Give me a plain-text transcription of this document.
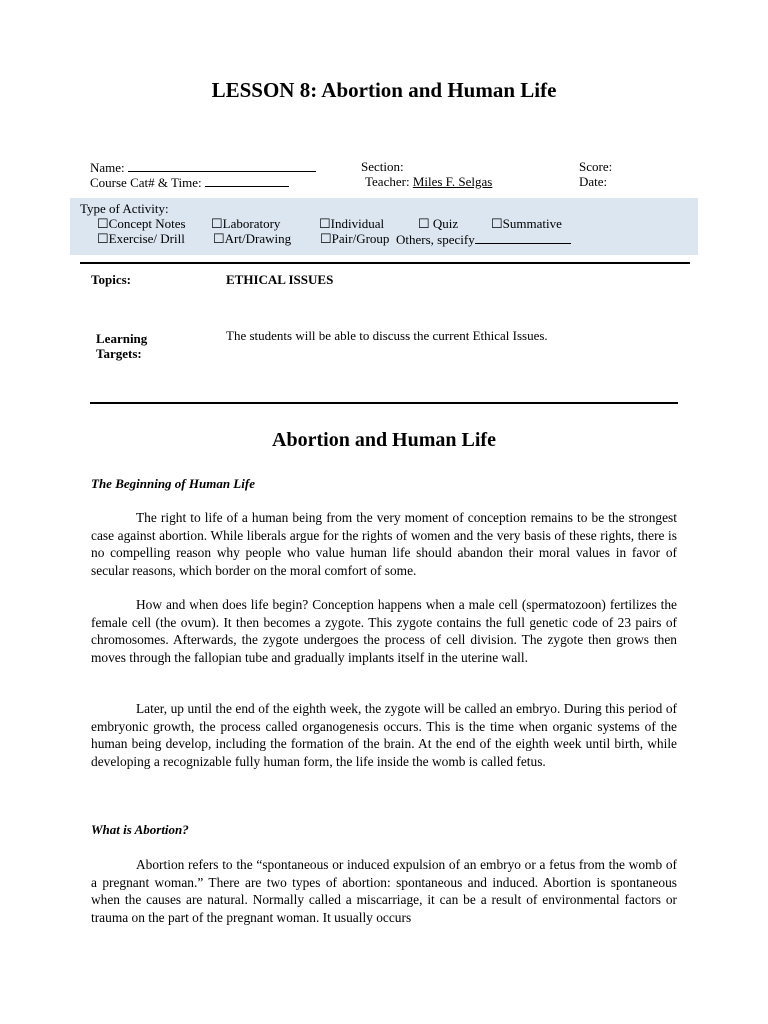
LESSON 8: Abortion and Human Life
Name:	Section:	Score:
Course Cat# & Time:	Teacher: Miles F. Selgas	Date:
Type of Activity:
☐Concept Notes ☐Laboratory	☐Individual	☐ Quiz	☐Summative
☐Exercise/ Drill ☐Art/Drawing ☐Pair/Group Others, specify
Topics:	ETHICAL ISSUES
Learning
Targets:
The students will be able to discuss the current Ethical Issues.
Abortion and Human Life
The Beginning of Human Life

The right to life of a human being from the very moment of conception remains to be the strongest case against abortion. While liberals argue for the rights of women and the very basis of these rights, there is no compelling reason why people who value human life should abandon their moral values in favor of secular reasons, which border on the moral comfort of some.

How and when does life begin? Conception happens when a male cell (spermatozoon) fertilizes the female cell (the ovum). It then becomes a zygote. This zygote contains the full genetic code of 23 pairs of chromosomes. Afterwards, the zygote undergoes the process of cell division. The zygote then grows then moves through the fallopian tube and gradually implants itself in the uterine wall.

Later, up until the end of the eighth week, the zygote will be called an embryo. During this period of embryonic growth, the process called organogenesis occurs. This is the time when organic systems of the human being develop, including the formation of the brain. At the end of the eighth week until birth, while developing a recognizable fully human form, the life inside the womb is called fetus.

What is Abortion?

Abortion refers to the “spontaneous or induced expulsion of an embryo or a fetus from the womb of a pregnant woman.” There are two types of abortion: spontaneous and induced. Abortion is spontaneous when the causes are natural. Normally called a miscarriage, it can be a result of environmental factors or trauma on the part of the pregnant woman. It usually occurs
